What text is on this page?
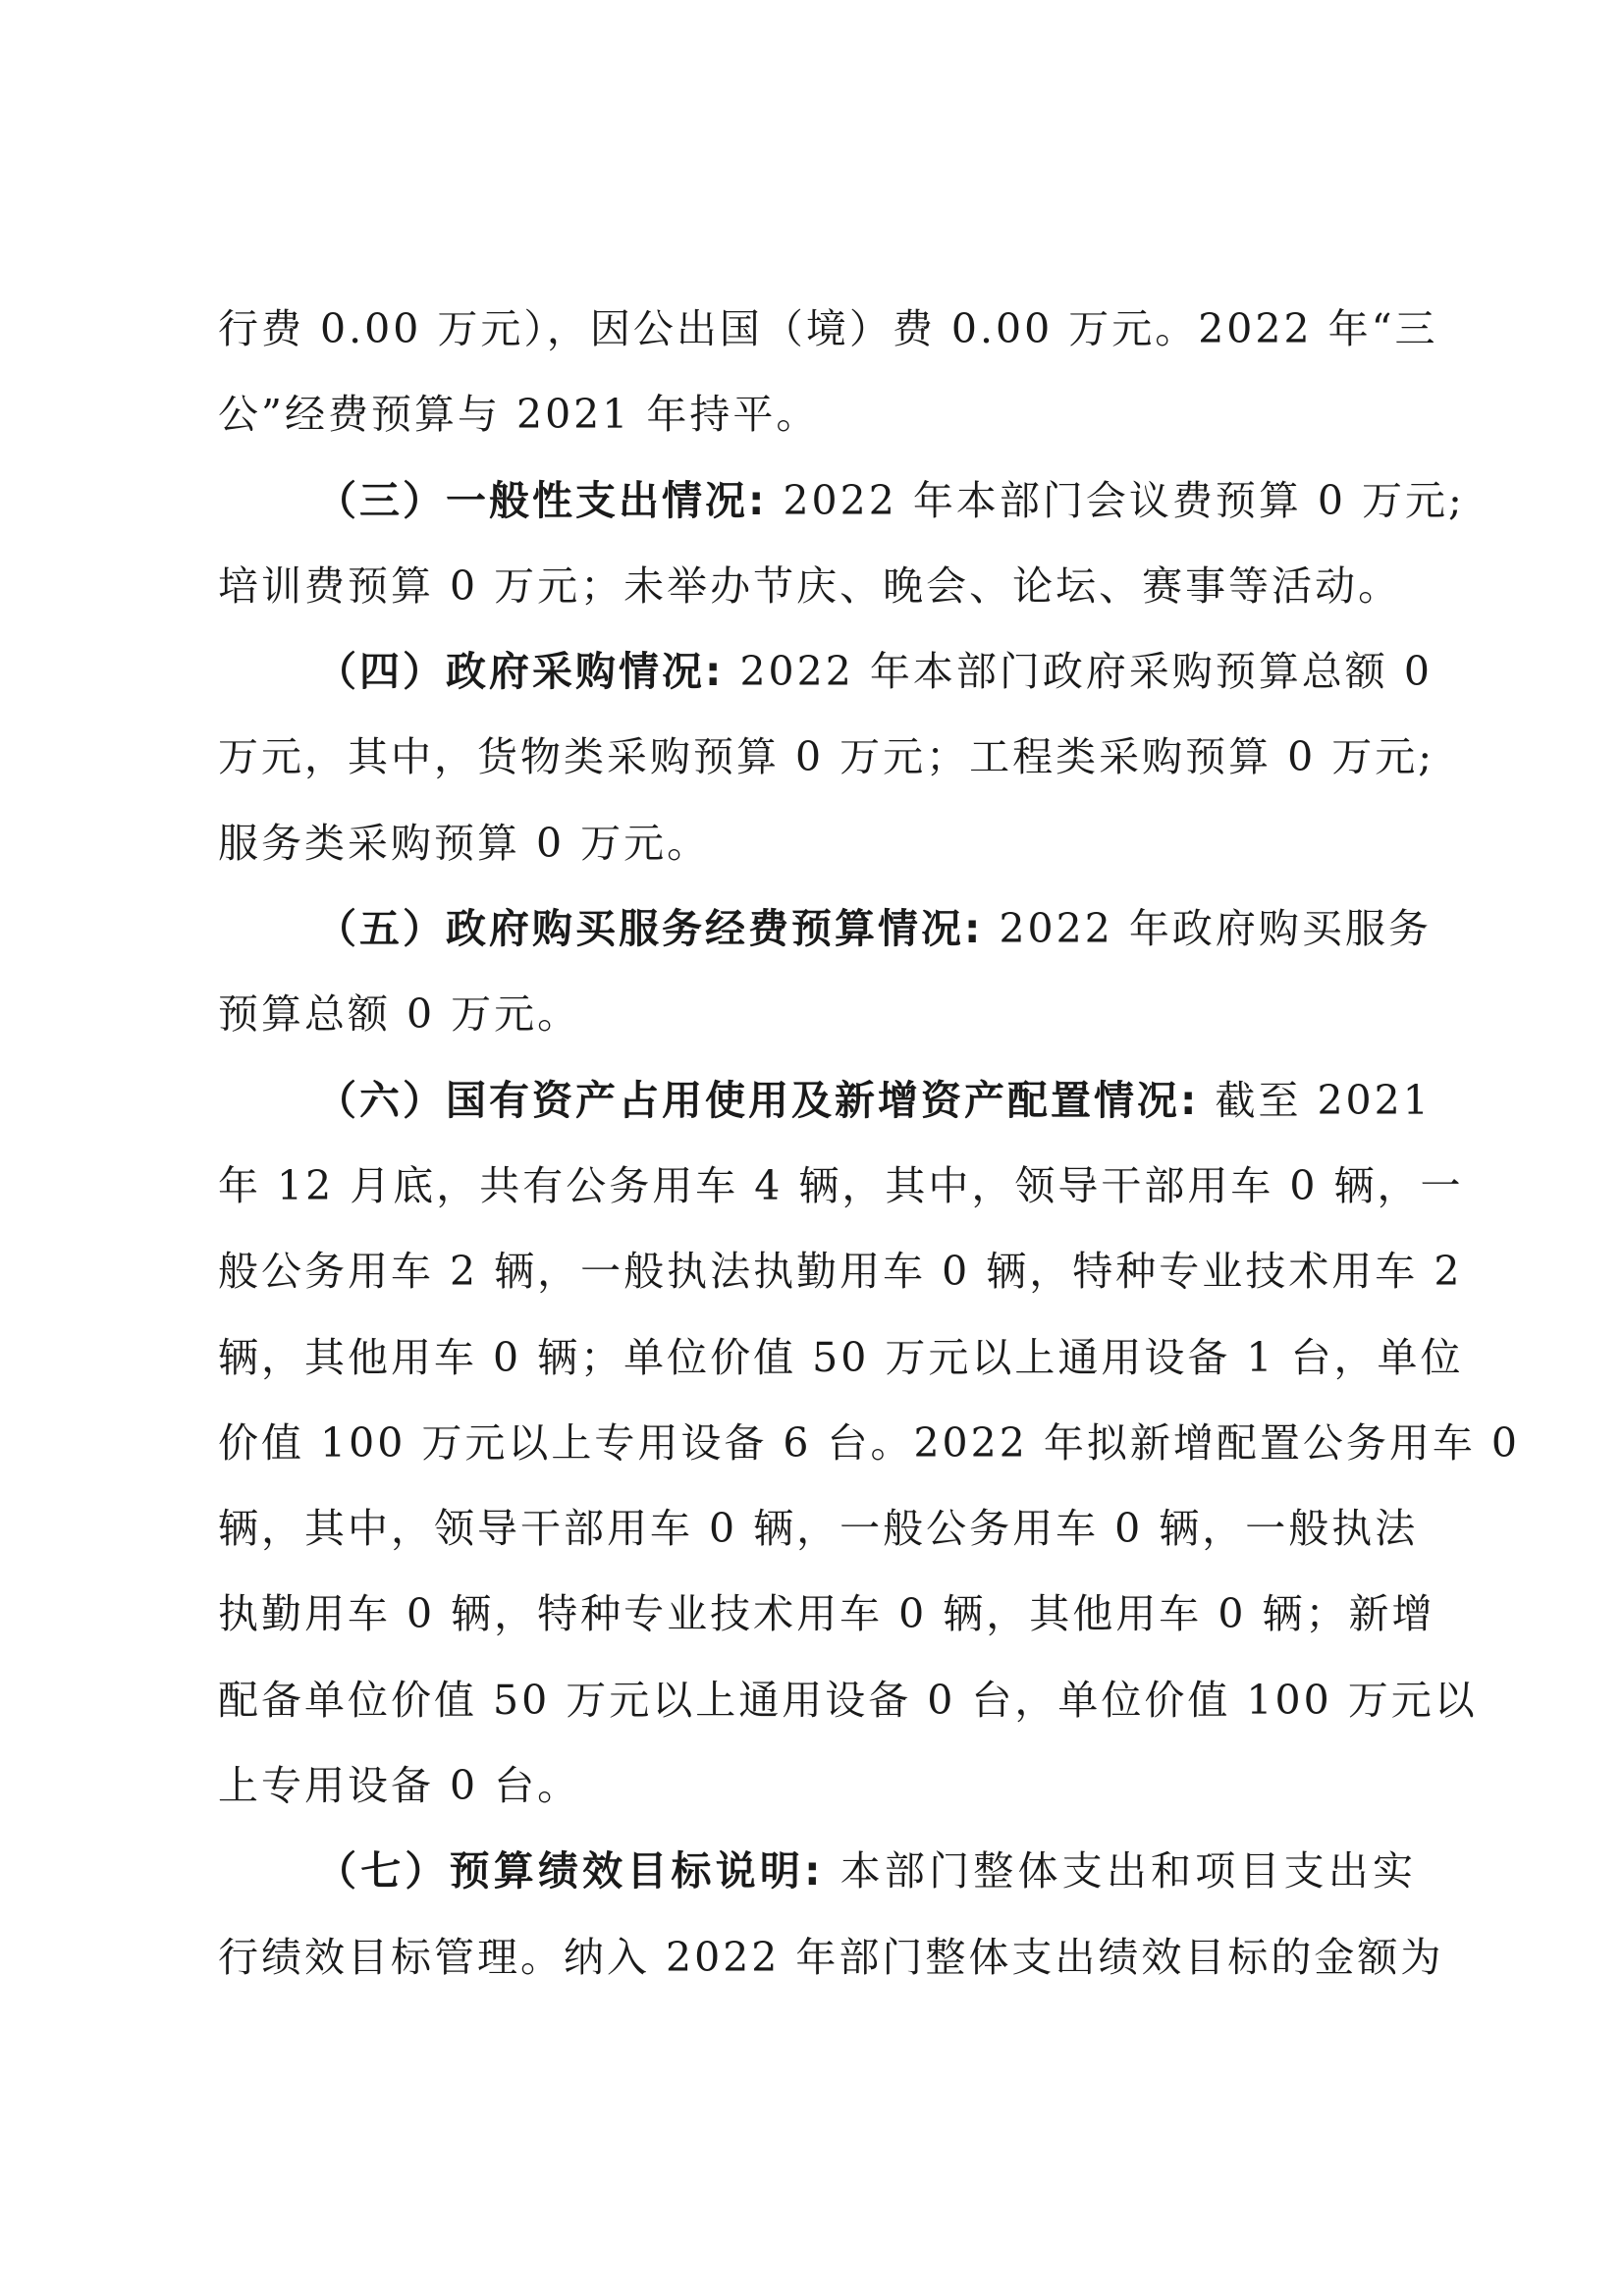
行费 0.00 万元），因公出国（境）费 0.00 万元。2022 年“三
公”经费预算与 2021 年持平。
（三）一般性支出情况: 2022 年本部门会议费预算 0 万元;
培训费预算 0 万元；未举办节庆、晚会、论坛、赛事等活动。
（四）政府采购情况: 2022 年本部门政府采购预算总额 0
万元，其中，货物类采购预算 0 万元；工程类采购预算 0 万元;
服务类采购预算 0 万元。
（五）政府购买服务经费预算情况: 2022 年政府购买服务
预算总额 0 万元。
（六）国有资产占用使用及新增资产配置情况: 截至 2021
年 12 月底，共有公务用车 4 辆，其中，领导干部用车 0 辆，一
般公务用车 2 辆，一般执法执勤用车 0 辆，特种专业技术用车 2
辆，其他用车 0 辆；单位价值 50 万元以上通用设备 1 台，单位
价值 100 万元以上专用设备 6 台。2022 年拟新增配置公务用车 0
辆，其中，领导干部用车 0 辆，一般公务用车 0 辆，一般执法
执勤用车 0 辆，特种专业技术用车 0 辆，其他用车 0 辆；新增
配备单位价值 50 万元以上通用设备 0 台，单位价值 100 万元以
上专用设备 0 台。
（七）预算绩效目标说明: 本部门整体支出和项目支出实
行绩效目标管理。纳入 2022 年部门整体支出绩效目标的金额为
